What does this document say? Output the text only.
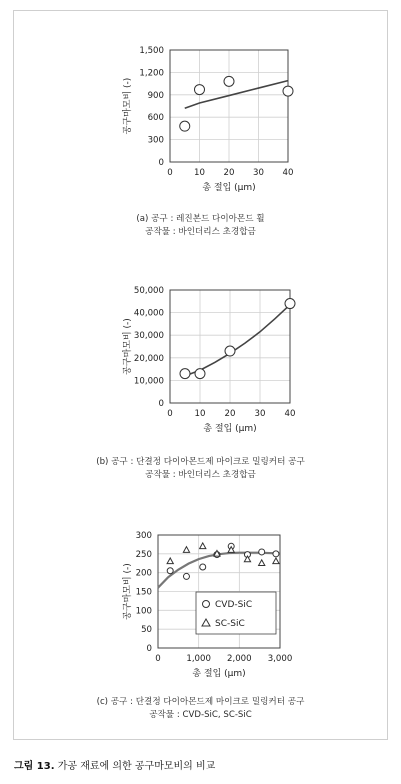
0
300
600
900
1,200
1,500
0 10 20 30 40
총 절입 (μm)
공구마모비 (-)
0
10,000
20,000
30,000
40,000
50,000
0	10 20 30 40
총 절입 (μm)
공구마모비 (-)
0
50
100
150
200
250
300
0	1,000 2,000 3,000
총 절입 (μm)
공구마모비 (-)	CVD-SiC
SC-SiC
(a) 공구 : 레진본드 다이아몬드 휠
공작물 : 바인더리스 초경합금
(b) 공구 : 단결정 다이아몬드제 마이크로 밀링커터 공구
공작물 : 바인더리스 초경합금
(c) 공구 : 단결정 다이아몬드제 마이크로 밀링커터 공구
공작물 : CVD-SiC, SC-SiC
그림 13. 가공 재료에 의한 공구마모비의 비교
